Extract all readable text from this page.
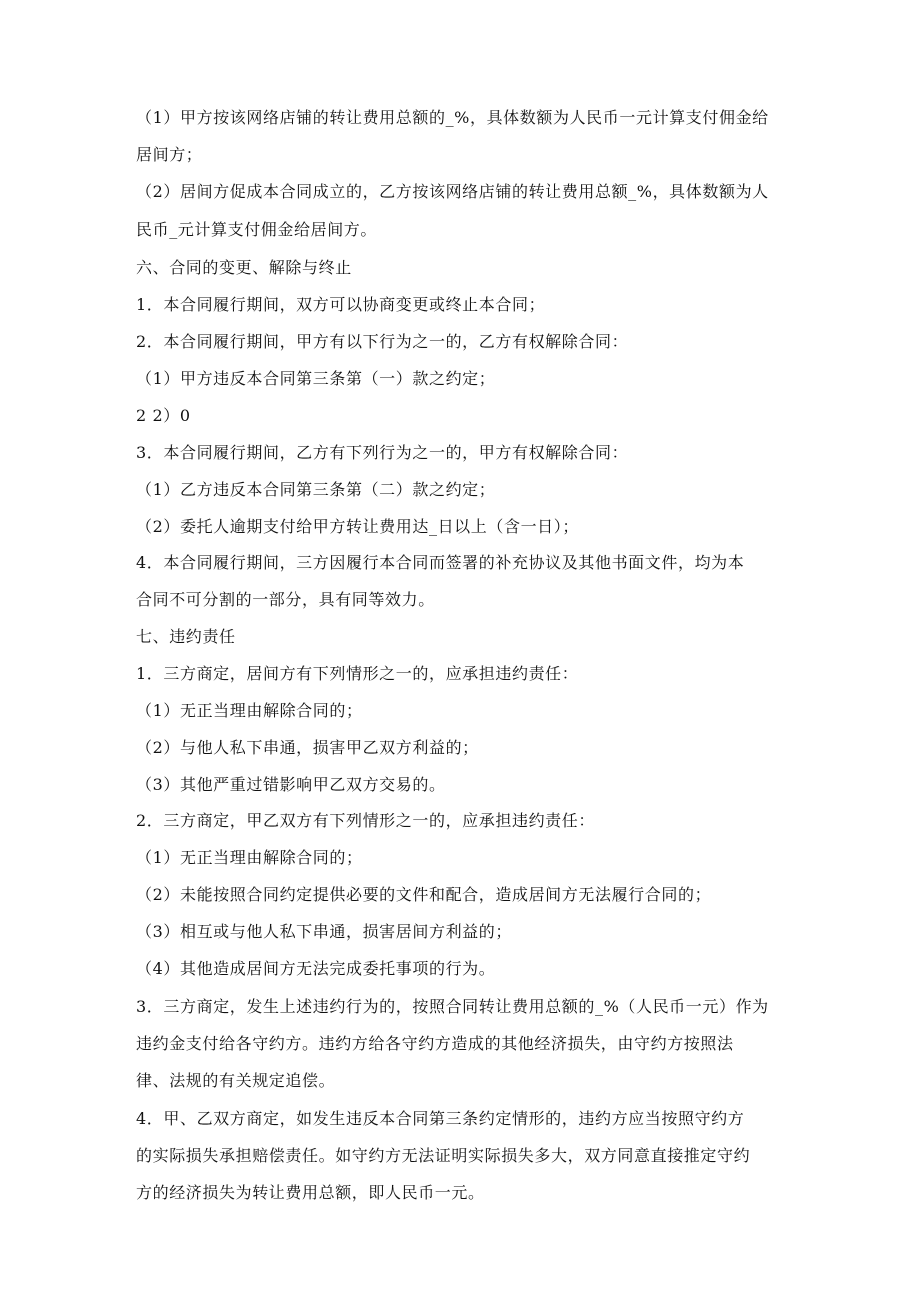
（1）甲方按该网络店铺的转让费用总额的_%，具体数额为人民币一元计算支付佣金给
居间方；
（2）居间方促成本合同成立的，乙方按该网络店铺的转让费用总额_%，具体数额为人
民币_元计算支付佣金给居间方。
六、合同的变更、解除与终止
1．本合同履行期间，双方可以协商变更或终止本合同；
2．本合同履行期间，甲方有以下行为之一的，乙方有权解除合同：
（1）甲方违反本合同第三条第（一）款之约定；
2 2）0
3．本合同履行期间，乙方有下列行为之一的，甲方有权解除合同：
（1）乙方违反本合同第三条第（二）款之约定；
（2）委托人逾期支付给甲方转让费用达_日以上（含一日）；
4．本合同履行期间，三方因履行本合同而签署的补充协议及其他书面文件，均为本
合同不可分割的一部分，具有同等效力。
七、违约责任
1．三方商定，居间方有下列情形之一的，应承担违约责任：
（1）无正当理由解除合同的；
（2）与他人私下串通，损害甲乙双方利益的；
（3）其他严重过错影响甲乙双方交易的。
2．三方商定，甲乙双方有下列情形之一的，应承担违约责任：
（1）无正当理由解除合同的；
（2）未能按照合同约定提供必要的文件和配合，造成居间方无法履行合同的；
（3）相互或与他人私下串通，损害居间方利益的；
（4）其他造成居间方无法完成委托事项的行为。
3．三方商定，发生上述违约行为的，按照合同转让费用总额的_%（人民币一元）作为
违约金支付给各守约方。违约方给各守约方造成的其他经济损失，由守约方按照法
律、法规的有关规定追偿。
4．甲、乙双方商定，如发生违反本合同第三条约定情形的，违约方应当按照守约方
的实际损失承担赔偿责任。如守约方无法证明实际损失多大，双方同意直接推定守约
方的经济损失为转让费用总额，即人民币一元。
